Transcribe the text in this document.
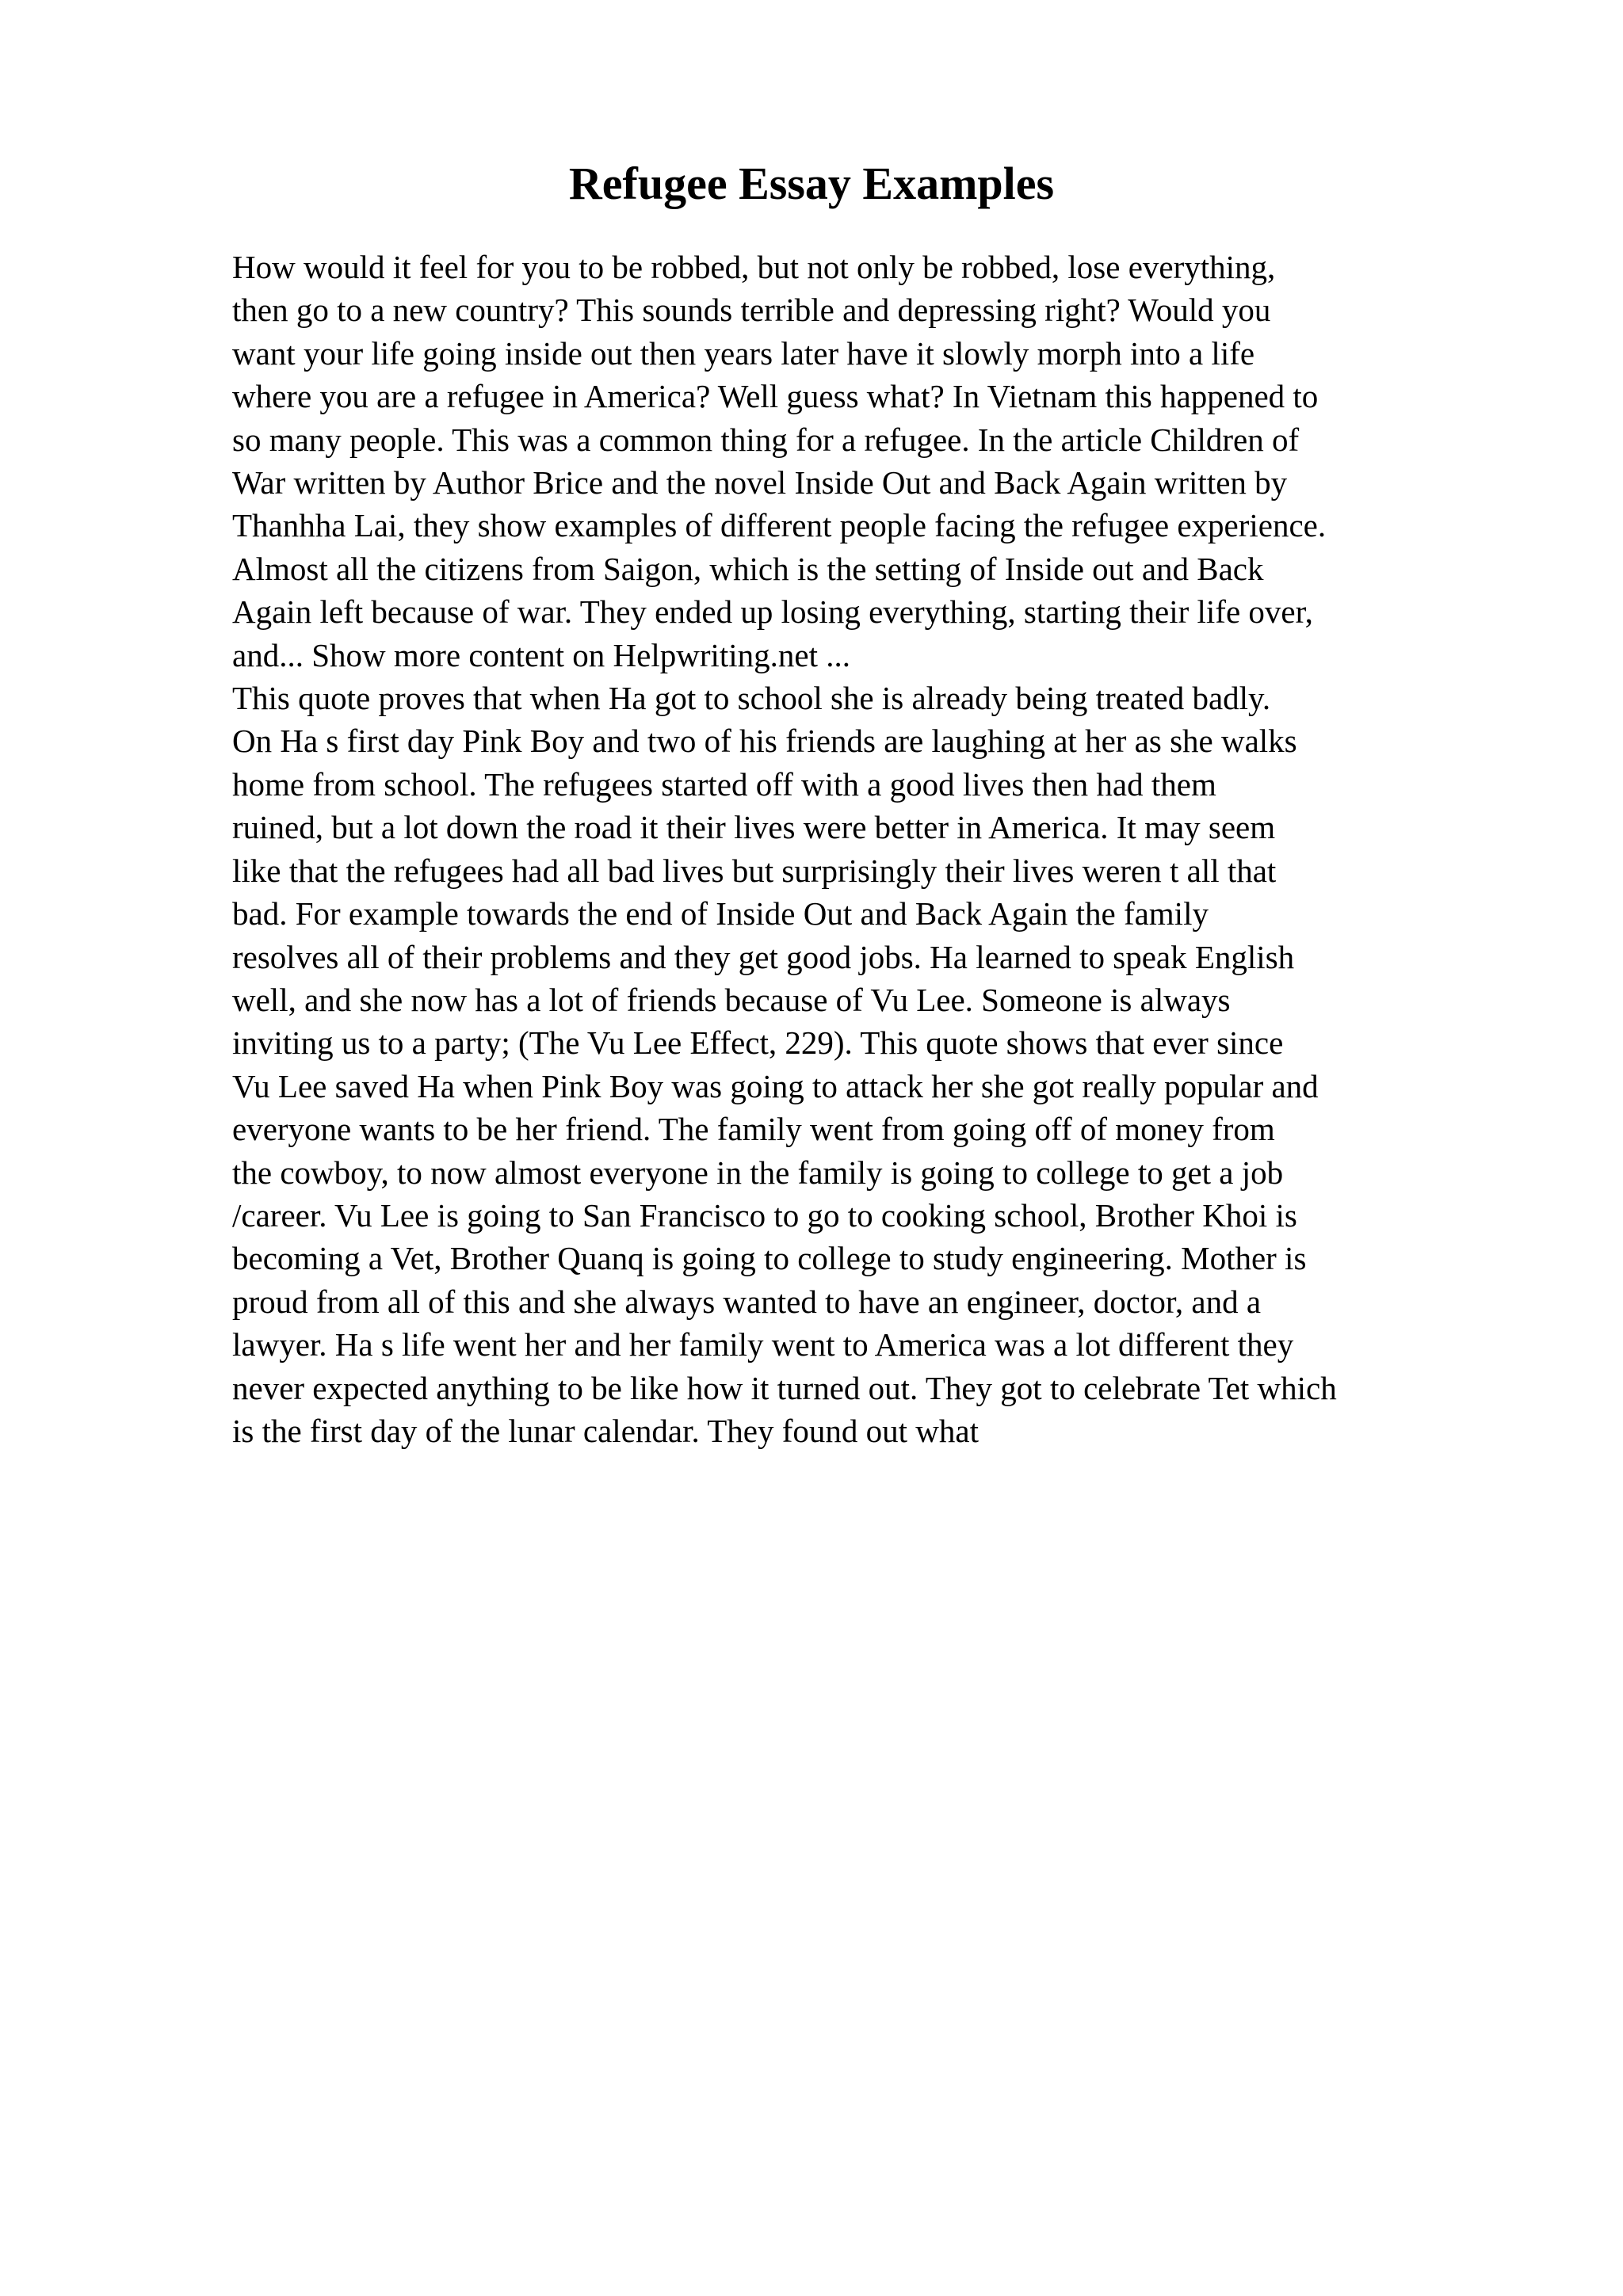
Refugee Essay Examples
How would it feel for you to be robbed, but not only be robbed, lose everything,
then go to a new country? This sounds terrible and depressing right? Would you
want your life going inside out then years later have it slowly morph into a life
where you are a refugee in America? Well guess what? In Vietnam this happened to
so many people. This was a common thing for a refugee. In the article Children of
War written by Author Brice and the novel Inside Out and Back Again written by
Thanhha Lai, they show examples of different people facing the refugee experience.
Almost all the citizens from Saigon, which is the setting of Inside out and Back
Again left because of war. They ended up losing everything, starting their life over,
and... Show more content on Helpwriting.net ...
This quote proves that when Ha got to school she is already being treated badly.
On Ha s first day Pink Boy and two of his friends are laughing at her as she walks
home from school. The refugees started off with a good lives then had them
ruined, but a lot down the road it their lives were better in America. It may seem
like that the refugees had all bad lives but surprisingly their lives weren t all that
bad. For example towards the end of Inside Out and Back Again the family
resolves all of their problems and they get good jobs. Ha learned to speak English
well, and she now has a lot of friends because of Vu Lee. Someone is always
inviting us to a party; (The Vu Lee Effect, 229). This quote shows that ever since
Vu Lee saved Ha when Pink Boy was going to attack her she got really popular and
everyone wants to be her friend. The family went from going off of money from
the cowboy, to now almost everyone in the family is going to college to get a job
/career. Vu Lee is going to San Francisco to go to cooking school, Brother Khoi is
becoming a Vet, Brother Quanq is going to college to study engineering. Mother is
proud from all of this and she always wanted to have an engineer, doctor, and a
lawyer. Ha s life went her and her family went to America was a lot different they
never expected anything to be like how it turned out. They got to celebrate Tet which
is the first day of the lunar calendar. They found out what
